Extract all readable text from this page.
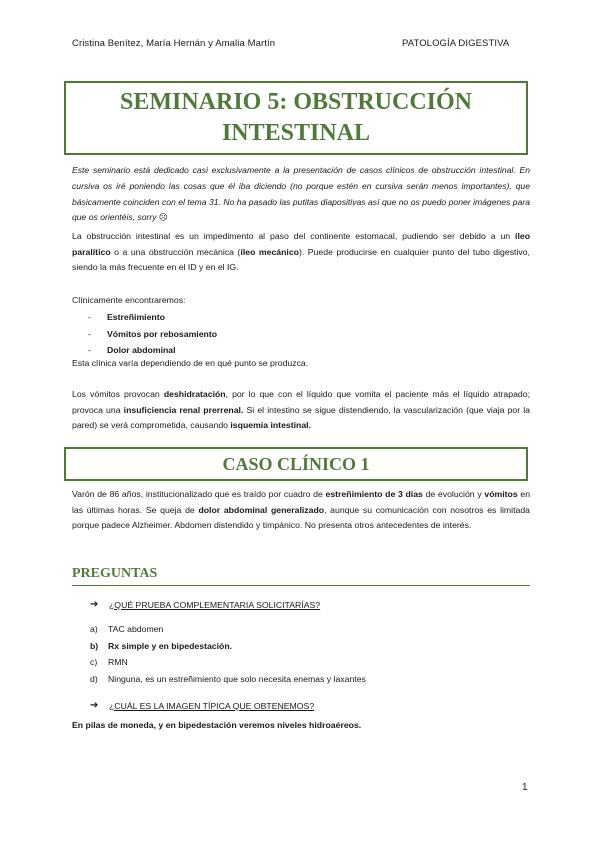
Cristina Benítez, María Hernán y Amalia Martín	PATOLOGÍA DIGESTIVA
SEMINARIO 5: OBSTRUCCIÓN
INTESTINAL
Este seminario está dedicado casi exclusivamente a la presentación de casos clínicos de obstrucción intestinal. En cursiva os iré poniendo las cosas que él iba diciendo (no porque estén en cursiva serán menos importantes), que básicamente coinciden con el tema 31. No ha pasado las putitas diapositivas así que no os puedo poner imágenes para que os orientéis, sorry ☹
La obstrucción intestinal es un impedimento al paso del continente estomacal, pudiendo ser debido a un íleo paralítico o a una obstrucción mecánica (íleo mecánico). Puede producirse en cualquier punto del tubo digestivo, siendo la más frecuente en el ID y en el IG.
Clínicamente encontraremos:
-	Estreñimiento
-	Vómitos por rebosamiento
-	Dolor abdominal
Esta clínica varía dependiendo de en qué punto se produzca.
Los vómitos provocan deshidratación, por lo que con el líquido que vomita el paciente más el líquido atrapado; provoca una insuficiencia renal prerrenal. Si el intestino se sigue distendiendo, la vascularización (que viaja por la pared) se verá comprometida, causando isquemia intestinal.
CASO CLÍNICO 1
Varón de 86 años, institucionalizado que es traído por cuadro de estreñimiento de 3 días de evolución y vómitos en las últimas horas. Se queja de dolor abdominal generalizado, aunque su comunicación con nosotros es limitada porque padece Alzheimer. Abdomen distendido y timpánico. No presenta otros antecedentes de interés.
PREGUNTAS
➔	¿QUÉ PRUEBA COMPLEMENTARIA SOLICITARÍAS?
a)	TAC abdomen
b)	Rx simple y en bipedestación.
c)	RMN
d)	Ninguna, es un estreñimiento que solo necesita enemas y laxantes
➔	¿CUÁL ES LA IMAGEN TÍPICA QUE OBTENEMOS?
En pilas de moneda, y en bipedestación veremos niveles hidroaéreos.
1
